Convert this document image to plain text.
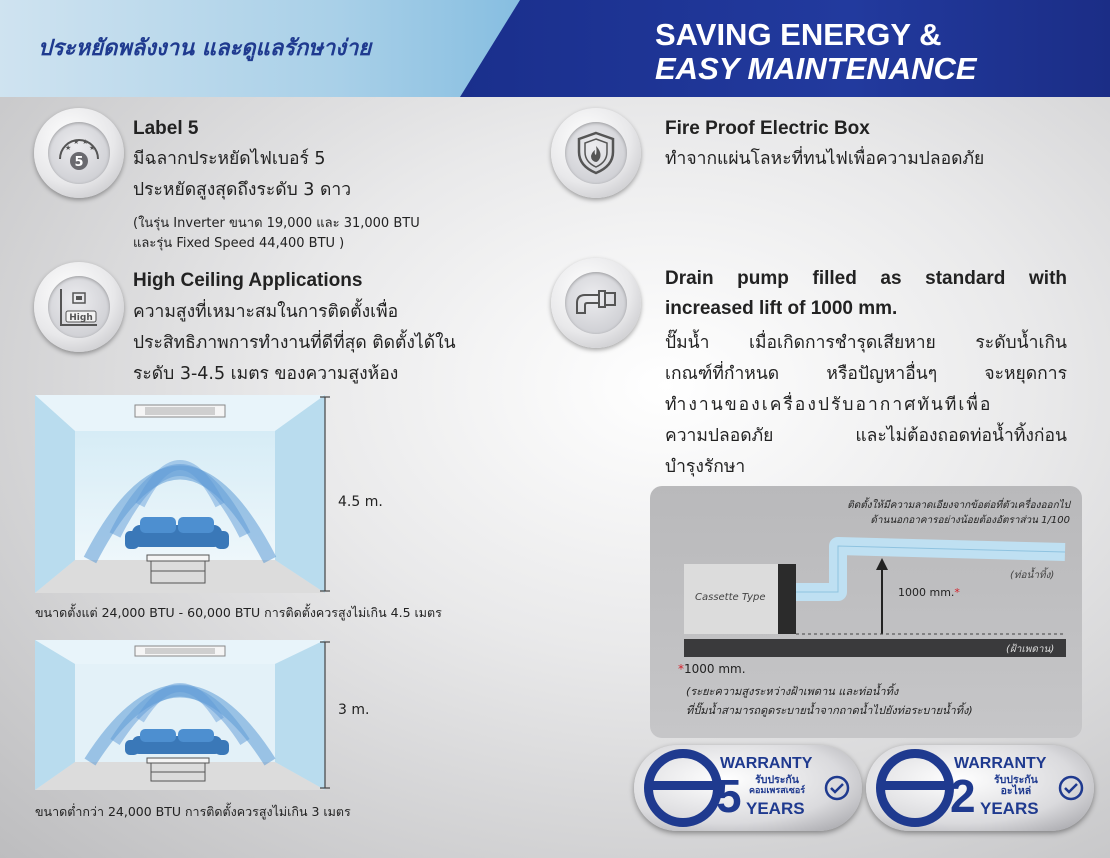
ประหยัดพลังงาน และดูแลรักษาง่าย	SAVING ENERGY &
EASY MAINTENANCE
★
★ ★
★
5
Label 5
มีฉลากประหยัดไฟเบอร์ 5
ประหยัดสูงสุดถึงระดับ 3 ดาว
(ในรุ่น Inverter ขนาด 19,000 และ 31,000 BTU
และรุ่น Fixed Speed 44,400 BTU )
High
High Ceiling Applications
ความสูงที่เหมาะสมในการติดตั้งเพื่อ
ประสิทธิภาพการทำงานที่ดีที่สุด ติดตั้งได้ใน
ระดับ 3-4.5 เมตร ของความสูงห้อง
4.5 m.
ขนาดตั้งแต่ 24,000 BTU - 60,000 BTU การติดตั้งควรสูงไม่เกิน 4.5 เมตร
3 m.
ขนาดต่ำกว่า 24,000 BTU การติดตั้งควรสูงไม่เกิน 3 เมตร
Fire Proof Electric Box
ทำจากแผ่นโลหะที่ทนไฟเพื่อความปลอดภัย
Drain pump filled as standard with
increased lift of 1000 mm.
ปั๊มน้ำ เมื่อเกิดการชำรุดเสียหาย ระดับน้ำเกิน
เกณฑ์ที่กำหนด หรือปัญหาอื่นๆ จะหยุดการ
ทำงานของเครื่องปรับอากาศทันทีเพื่อ
ความปลอดภัย และไม่ต้องถอดท่อน้ำทิ้งก่อน
บำรุงรักษา
ติดตั้งให้มีความลาดเอียงจากข้อต่อที่ตัวเครื่องออกไป
ด้านนอกอาคารอย่างน้อยต้องอัตราส่วน 1/100
(ท่อน้ำทิ้ง)
Cassette Type	1000 mm.*
(ฝ้าเพดาน)
*1000 mm.
(ระยะความสูงระหว่างฝ้าเพดาน และท่อน้ำทิ้ง
ที่ปั๊มน้ำสามารถดูดระบายน้ำจากถาดน้ำไปยังท่อระบายน้ำทิ้ง)
WARRANTY
5	รับประกัน
คอมเพรสเซอร์
YEARS
WARRANTY
2 รับประกัน
อะไหล่
YEARS
